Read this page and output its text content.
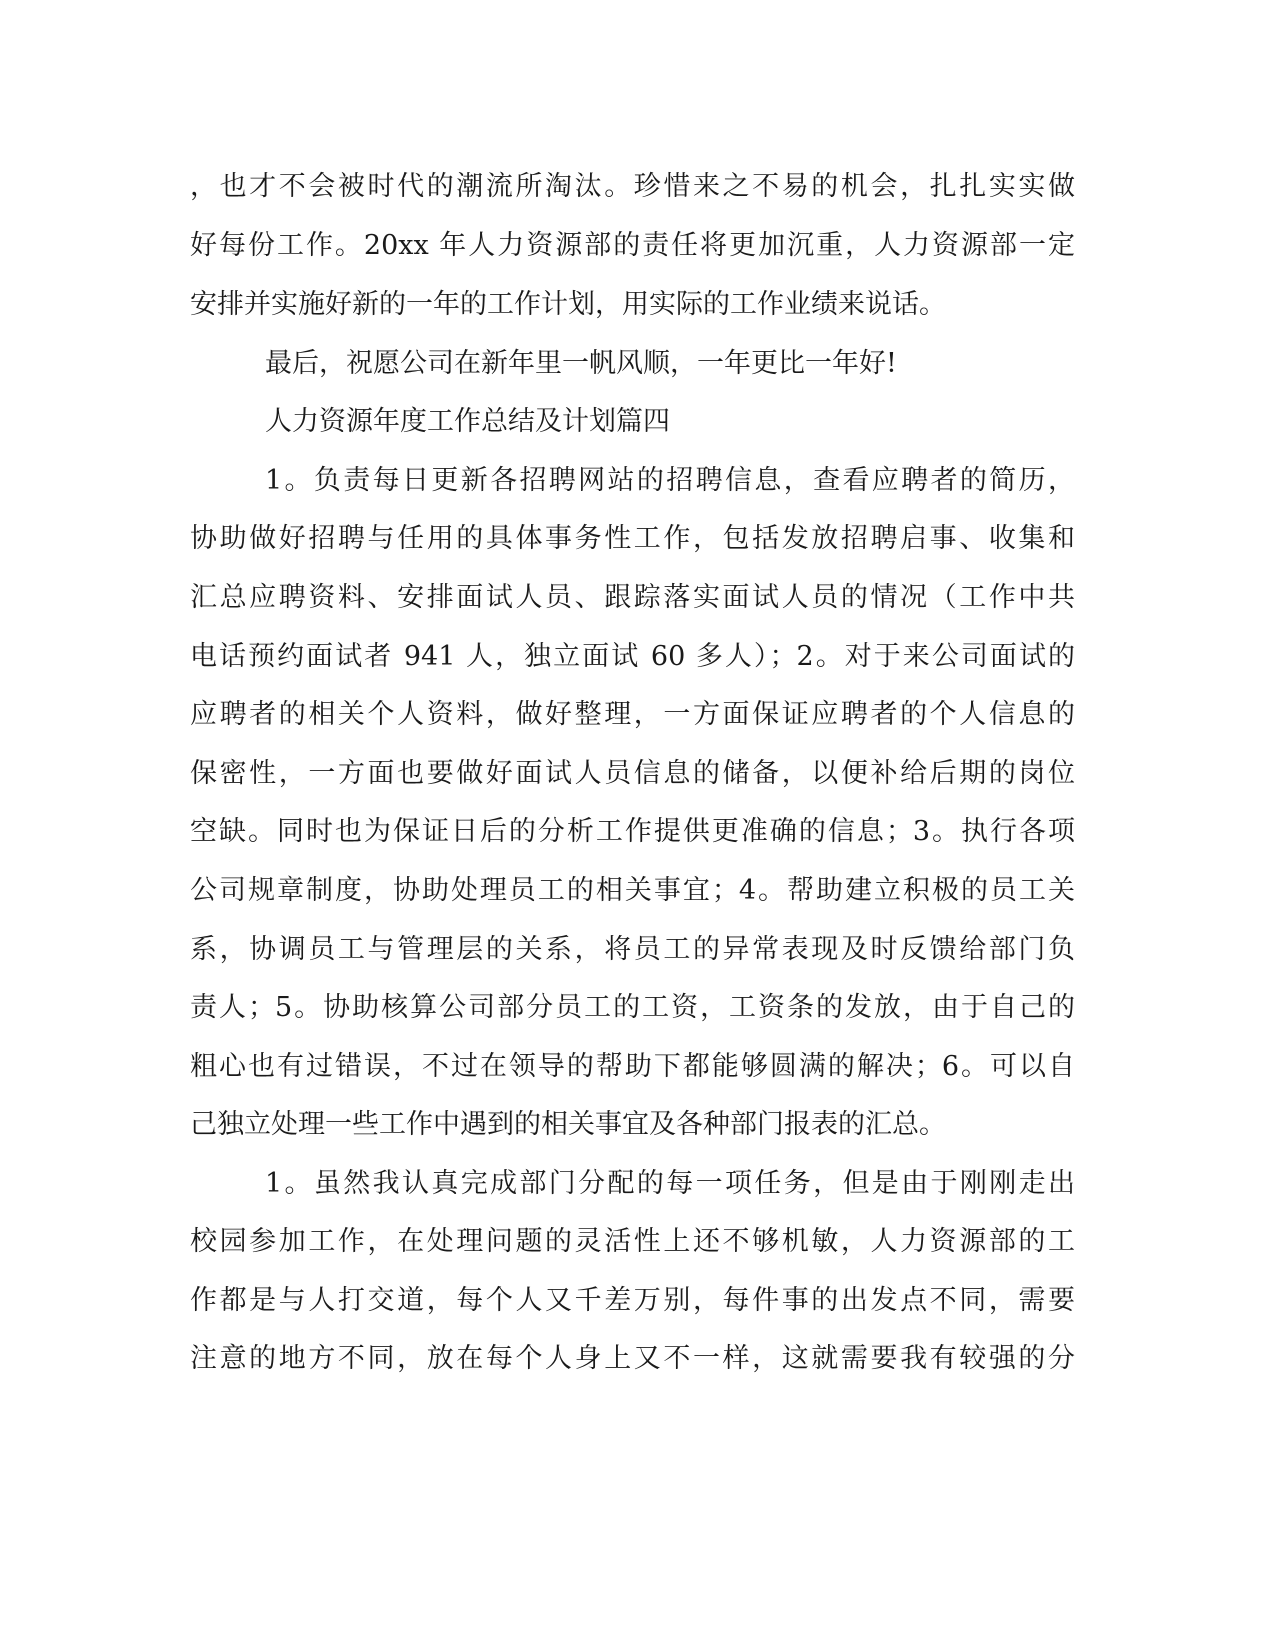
，也才不会被时代的潮流所淘汰。珍惜来之不易的机会，扎扎实实做
好每份工作。20xx 年人力资源部的责任将更加沉重，人力资源部一定
安排并实施好新的一年的工作计划，用实际的工作业绩来说话。
最后，祝愿公司在新年里一帆风顺，一年更比一年好!
人力资源年度工作总结及计划篇四
1。负责每日更新各招聘网站的招聘信息，查看应聘者的简历，
协助做好招聘与任用的具体事务性工作，包括发放招聘启事、收集和
汇总应聘资料、安排面试人员、跟踪落实面试人员的情况（工作中共
电话预约面试者 941 人，独立面试 60 多人）；2。对于来公司面试的
应聘者的相关个人资料，做好整理，一方面保证应聘者的个人信息的
保密性，一方面也要做好面试人员信息的储备，以便补给后期的岗位
空缺。同时也为保证日后的分析工作提供更准确的信息；3。执行各项
公司规章制度，协助处理员工的相关事宜；4。帮助建立积极的员工关
系，协调员工与管理层的关系，将员工的异常表现及时反馈给部门负
责人；5。协助核算公司部分员工的工资，工资条的发放，由于自己的
粗心也有过错误，不过在领导的帮助下都能够圆满的解决；6。可以自
己独立处理一些工作中遇到的相关事宜及各种部门报表的汇总。
1。虽然我认真完成部门分配的每一项任务，但是由于刚刚走出
校园参加工作，在处理问题的灵活性上还不够机敏，人力资源部的工
作都是与人打交道，每个人又千差万别，每件事的出发点不同，需要
注意的地方不同，放在每个人身上又不一样，这就需要我有较强的分
